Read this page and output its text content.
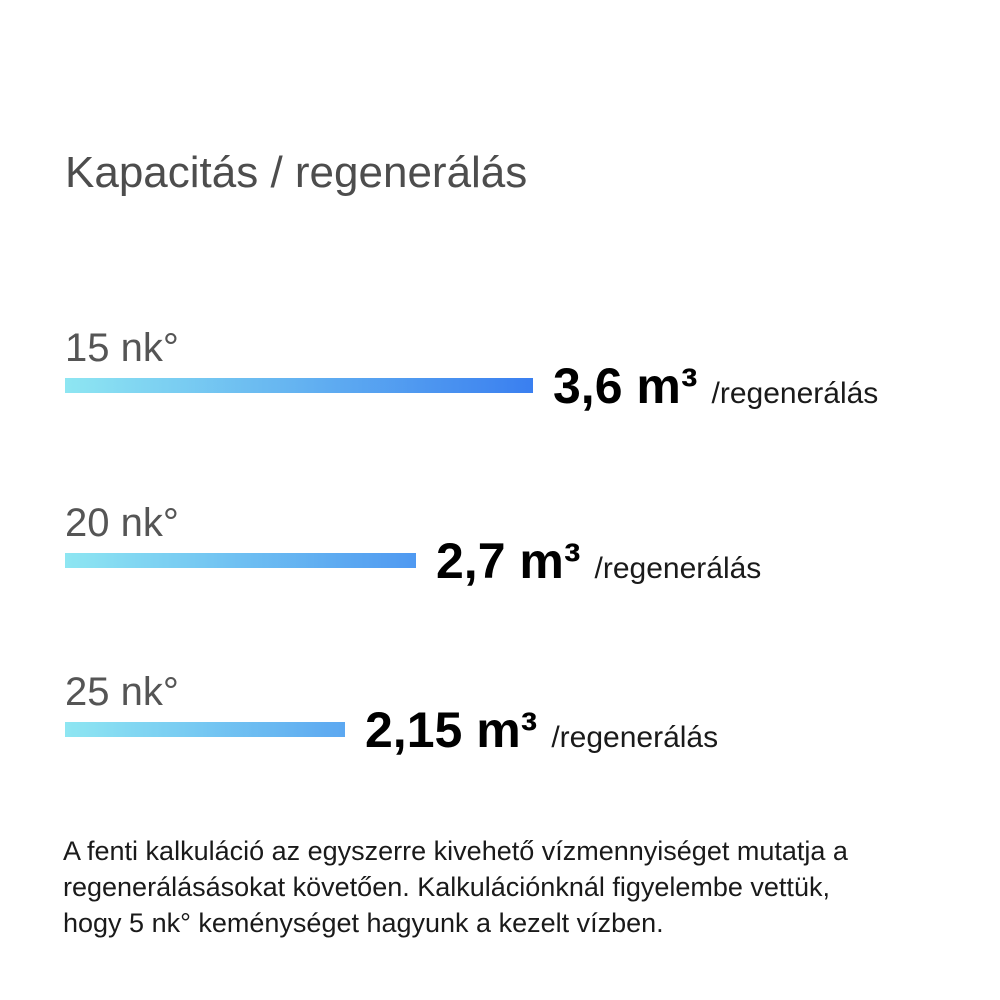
Kapacitás / regenerálás
15 nk°
3,6 m³ /regenerálás
20 nk°
2,7 m³ /regenerálás
25 nk°
2,15 m³ /regenerálás

A fenti kalkuláció az egyszerre kivehető vízmennyiséget mutatja a

regenerálásásokat követően. Kalkulációnknál figyelembe vettük,

hogy 5 nk° keménységet hagyunk a kezelt vízben.
